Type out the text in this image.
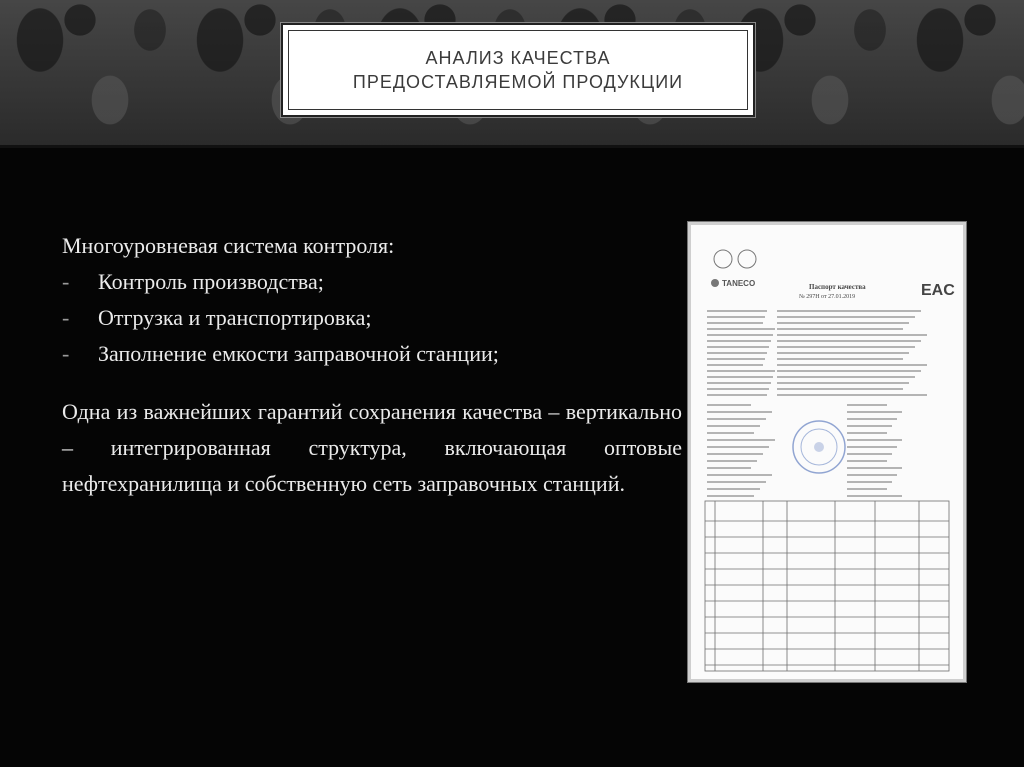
АНАЛИЗ КАЧЕСТВА
ПРЕДОСТАВЛЯЕМОЙ ПРОДУКЦИИ

Многоуровневая система контроля:

- Контроль производства;
- Отгрузка и транспортировка;
- Заполнение емкости заправочной станции;

Одна из важнейших гарантий сохранения качества – вертикально – интегрированная структура, включающая оптовые нефтехранилища и собственную сеть заправочных станций.

TANECO	EAC
Паспорт качества
№ 297Н от 27.01.2019
